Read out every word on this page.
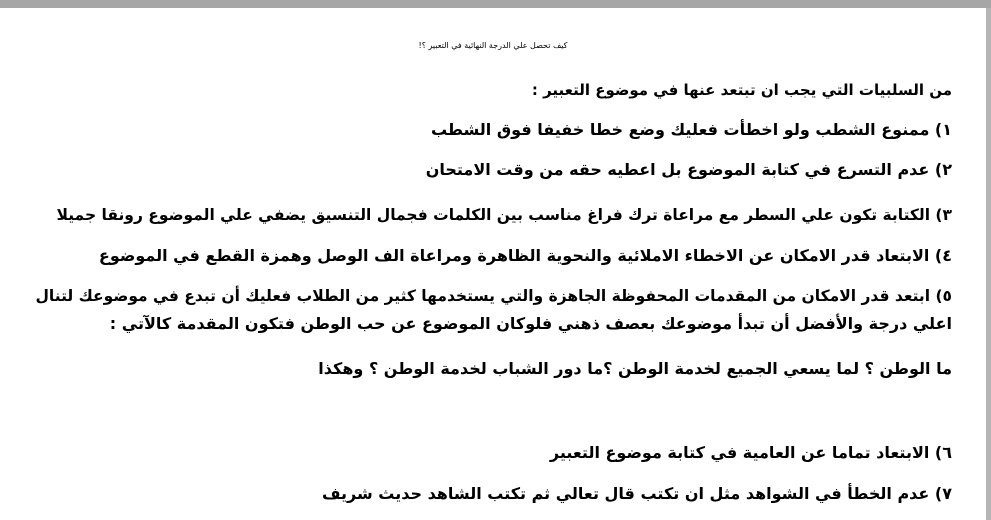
كيف تحصل علي الدرجة النهائية في التعبير ؟!
من السلبيات التي يجب ان تبتعد عنها في موضوع التعبير :
١) ممنوع الشطب ولو اخطأت فعليك وضع خطا خفيفا فوق الشطب
٢) عدم التسرع في كتابة الموضوع بل اعطيه حقه من وقت الامتحان
٣) الكتابة تكون علي السطر مع مراعاة ترك فراغ مناسب بين الكلمات فجمال التنسيق يضفي علي الموضوع رونقا جميلا
٤) الابتعاد قدر الامكان عن الاخطاء الاملائية والنحوية الظاهرة ومراعاة الف الوصل وهمزة القطع في الموضوع
٥) ابتعد قدر الامكان من المقدمات المحفوظة الجاهزة والتي يستخدمها كثير من الطلاب فعليك أن تبدع في موضوعك لتنال
اعلي درجة والأفضل أن تبدأ موضوعك بعصف ذهني فلوكان الموضوع عن حب الوطن فتكون المقدمة كالآتي :
ما الوطن ؟ لما يسعي الجميع لخدمة الوطن ؟ما دور الشباب لخدمة الوطن ؟ وهكذا
٦) الابتعاد تماما عن العامية في كتابة موضوع التعبير
٧) عدم الخطأ في الشواهد مثل ان تكتب قال تعالي ثم تكتب الشاهد حديث شريف
